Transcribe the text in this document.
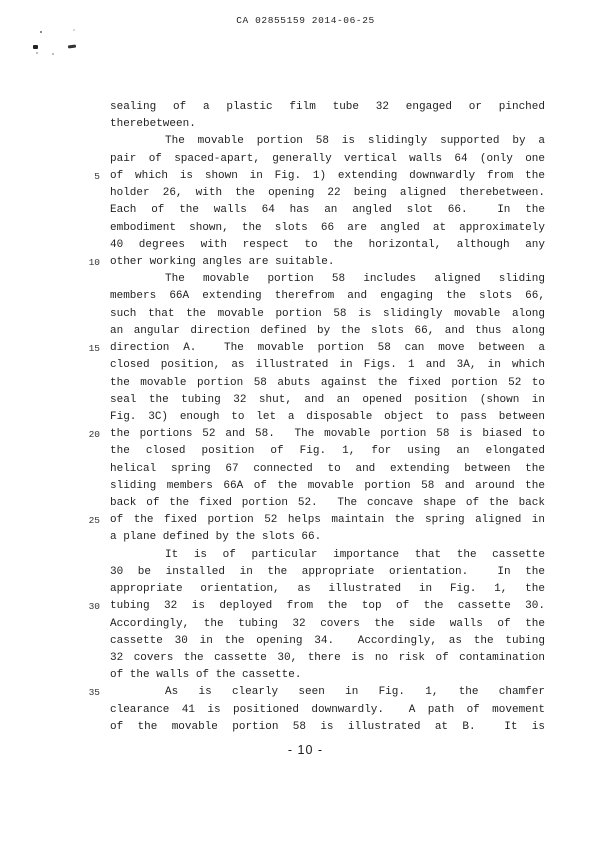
CA 02855159 2014-06-25
sealing of a plastic film tube 32 engaged or pinched
therebetween.
The movable portion 58 is slidingly supported by a
pair of spaced-apart, generally vertical walls 64 (only one
5 of which is shown in Fig. 1) extending downwardly from the
holder 26, with the opening 22 being aligned therebetween.
Each of the walls 64 has an angled slot 66.  In the
embodiment shown, the slots 66 are angled at approximately
40 degrees with respect to the horizontal, although any
10 other working angles are suitable.
The movable portion 58 includes aligned sliding
members 66A extending therefrom and engaging the slots 66,
such that the movable portion 58 is slidingly movable along
an angular direction defined by the slots 66, and thus along
15 direction A.  The movable portion 58 can move between a
closed position, as illustrated in Figs. 1 and 3A, in which
the movable portion 58 abuts against the fixed portion 52 to
seal the tubing 32 shut, and an opened position (shown in
Fig. 3C) enough to let a disposable object to pass between
20 the portions 52 and 58.  The movable portion 58 is biased to
the closed position of Fig. 1, for using an elongated
helical spring 67 connected to and extending between the
sliding members 66A of the movable portion 58 and around the
back of the fixed portion 52.  The concave shape of the back
25 of the fixed portion 52 helps maintain the spring aligned in
a plane defined by the slots 66.
It is of particular importance that the cassette
30 be installed in the appropriate orientation.  In the
appropriate orientation, as illustrated in Fig. 1, the
30 tubing 32 is deployed from the top of the cassette 30.
Accordingly, the tubing 32 covers the side walls of the
cassette 30 in the opening 34.  Accordingly, as the tubing
32 covers the cassette 30, there is no risk of contamination
of the walls of the cassette.
35	As is clearly seen in Fig. 1, the chamfer
clearance 41 is positioned downwardly.  A path of movement
of the movable portion 58 is illustrated at B.  It is
- 10 -
